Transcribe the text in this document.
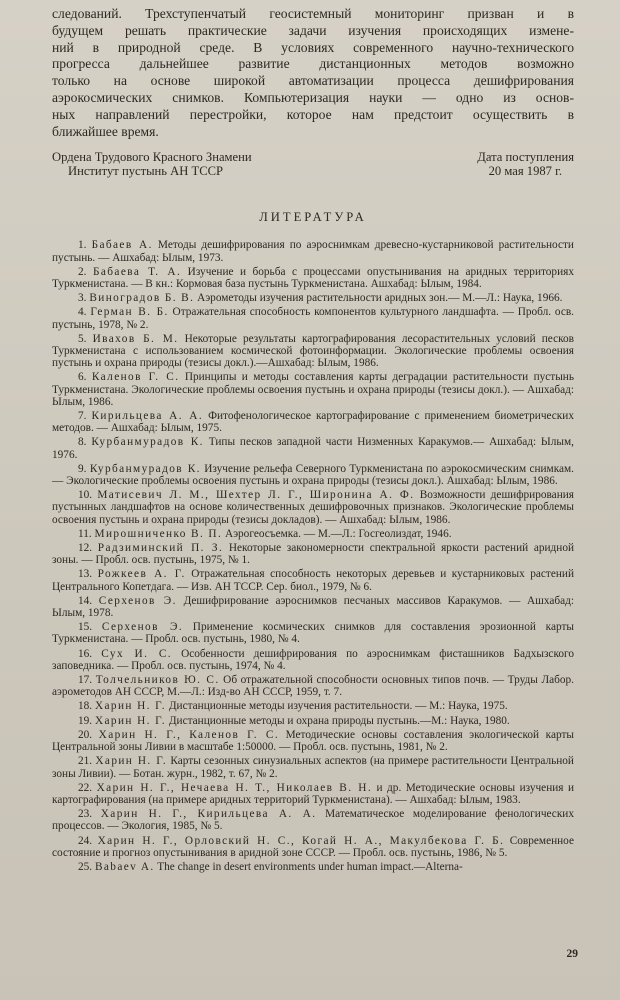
следований. Трехступенчатый геосистемный мониторинг призван и в
будущем решать практические задачи изучения происходящих измене-
ний в природной среде. В условиях современного научно-технического
прогресса дальнейшее развитие дистанционных методов возможно
только на основе широкой автоматизации процесса дешифрирования
аэрокосмических снимков. Компьютеризация науки — одно из основ-
ных направлений перестройки, которое нам предстоит осуществить в
ближайшее время.
Ордена Трудового Красного Знамени
Институт пустынь АН ТССР
Дата поступления
20 мая 1987 г.
ЛИТЕРАТУРА
1. Бабаев А. Методы дешифрирования по аэроснимкам древесно-кустарниковой растительности пустынь. — Ашхабад: Ылым, 1973.
2. Бабаева Т. А. Изучение и борьба с процессами опустынивания на аридных территориях Туркменистана. — В кн.: Кормовая база пустынь Туркменистана. Ашхабад: Ылым, 1984.
3. Виноградов Б. В. Аэрометоды изучения растительности аридных зон.— М.—Л.: Наука, 1966.
4. Герман В. Б. Отражательная способность компонентов культурного ландшафта. — Пробл. осв. пустынь, 1978, № 2.
5. Ивахов Б. М. Некоторые результаты картографирования лесорастительных условий песков Туркменистана с использованием космической фотоинформации. Экологические проблемы освоения пустынь и охрана природы (тезисы докл.).—Ашхабад: Ылым, 1986.
6. Каленов Г. С. Принципы и методы составления карты деградации растительности пустынь Туркменистана. Экологические проблемы освоения пустынь и охрана природы (тезисы докл.). — Ашхабад: Ылым, 1986.
7. Кирильцева А. А. Фитофенологическое картографирование с применением биометрических методов. — Ашхабад: Ылым, 1975.
8. Курбанмурадов К. Типы песков западной части Низменных Каракумов.— Ашхабад: Ылым, 1976.
9. Курбанмурадов К. Изучение рельефа Северного Туркменистана по аэрокосмическим снимкам. — Экологические проблемы освоения пустынь и охрана природы (тезисы докл.). Ашхабад: Ылым, 1986.
10. Матисевич Л. М., Шехтер Л. Г., Широнина А. Ф. Возможности дешифрирования пустынных ландшафтов на основе количественных дешифровочных признаков. Экологические проблемы освоения пустынь и охрана природы (тезисы докладов). — Ашхабад: Ылым, 1986.
11. Мирошниченко В. П. Аэрогеосъемка. — М.—Л.: Госгеолиздат, 1946.
12. Радзиминский П. З. Некоторые закономерности спектральной яркости растений аридной зоны. — Пробл. осв. пустынь, 1975, № 1.
13. Рожкеев А. Г. Отражательная способность некоторых деревьев и кустарниковых растений Центрального Копетдага. — Изв. АН ТССР. Сер. биол., 1979, № 6.
14. Серхенов Э. Дешифрирование аэроснимков песчаных массивов Каракумов. — Ашхабад: Ылым, 1978.
15. Серхенов Э. Применение космических снимков для составления эрозионной карты Туркменистана. — Пробл. осв. пустынь, 1980, № 4.
16. Сух И. С. Особенности дешифрирования по аэроснимкам фисташников Бадхызского заповедника. — Пробл. осв. пустынь, 1974, № 4.
17. Толчельников Ю. С. Об отражательной способности основных типов почв. — Труды Лабор. аэрометодов АН СССР, М.—Л.: Изд-во АН СССР, 1959, т. 7.
18. Харин Н. Г. Дистанционные методы изучения растительности. — М.: Наука, 1975.
19. Харин Н. Г. Дистанционные методы и охрана природы пустынь.—М.: Наука, 1980.
20. Харин Н. Г., Каленов Г. С. Методические основы составления экологической карты Центральной зоны Ливии в масштабе 1:50000. — Пробл. осв. пустынь, 1981, № 2.
21. Харин Н. Г. Карты сезонных синузиальных аспектов (на примере растительности Центральной зоны Ливии). — Ботан. журн., 1982, т. 67, № 2.
22. Харин Н. Г., Нечаева Н. Т., Николаев В. Н. и др. Методические основы изучения и картографирования (на примере аридных территорий Туркменистана). — Ашхабад: Ылым, 1983.
23. Харин Н. Г., Кирильцева А. А. Математическое моделирование фенологических процессов. — Экология, 1985, № 5.
24. Харин Н. Г., Орловский Н. С., Когай Н. А., Макулбекова Г. Б. Современное состояние и прогноз опустынивания в аридной зоне СССР. — Пробл. осв. пустынь, 1986, № 5.
25. Babaev A. The change in desert environments under human impact.—Alterna-
29
